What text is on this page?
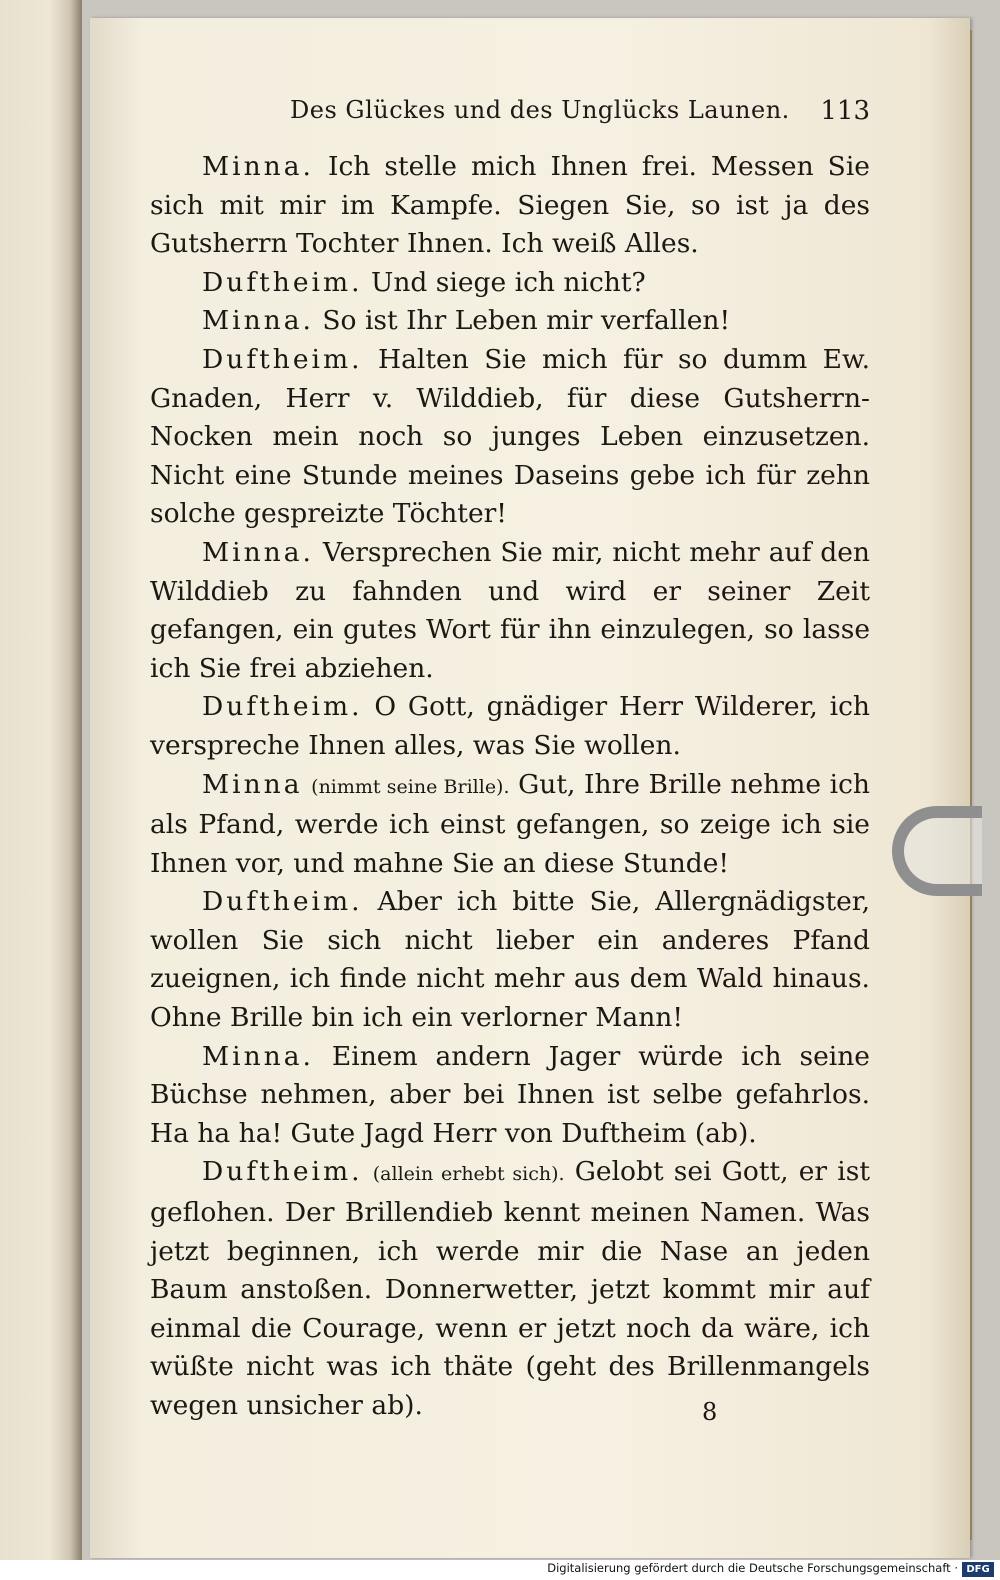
Des Glückes und des Unglücks Launen. 113

Minna. Ich stelle mich Ihnen frei. Messen Sie sich mit mir im Kampfe. Siegen Sie, so ist ja des Gutsherrn Tochter Ihnen. Ich weiß Alles.

Duftheim. Und siege ich nicht?

Minna. So ist Ihr Leben mir verfallen!

Duftheim. Halten Sie mich für so dumm Ew. Gnaden, Herr v. Wilddieb, für diese Gutsherrn-Nocken mein noch so junges Leben einzusetzen. Nicht eine Stunde meines Daseins gebe ich für zehn solche gespreizte Töchter!

Minna. Versprechen Sie mir, nicht mehr auf den Wilddieb zu fahnden und wird er seiner Zeit gefangen, ein gutes Wort für ihn einzulegen, so lasse ich Sie frei abziehen.

Duftheim. O Gott, gnädiger Herr Wilderer, ich verspreche Ihnen alles, was Sie wollen.

Minna (nimmt seine Brille). Gut, Ihre Brille nehme ich als Pfand, werde ich einst gefangen, so zeige ich sie Ihnen vor, und mahne Sie an diese Stunde!

Duftheim. Aber ich bitte Sie, Allergnädigster, wollen Sie sich nicht lieber ein anderes Pfand zueignen, ich finde nicht mehr aus dem Wald hinaus. Ohne Brille bin ich ein verlorner Mann!

Minna. Einem andern Jager würde ich seine Büchse nehmen, aber bei Ihnen ist selbe gefahrlos. Ha ha ha! Gute Jagd Herr von Duftheim (ab).

Duftheim. (allein erhebt sich). Gelobt sei Gott, er ist geflohen. Der Brillendieb kennt meinen Namen. Was jetzt beginnen, ich werde mir die Nase an jeden Baum anstoßen. Donnerwetter, jetzt kommt mir auf einmal die Courage, wenn er jetzt noch da wäre, ich wüßte nicht was ich thäte (geht des Brillenmangels wegen unsicher ab).	8
Digitalisierung gefördert durch die Deutsche Forschungsgemeinschaft · DFG
